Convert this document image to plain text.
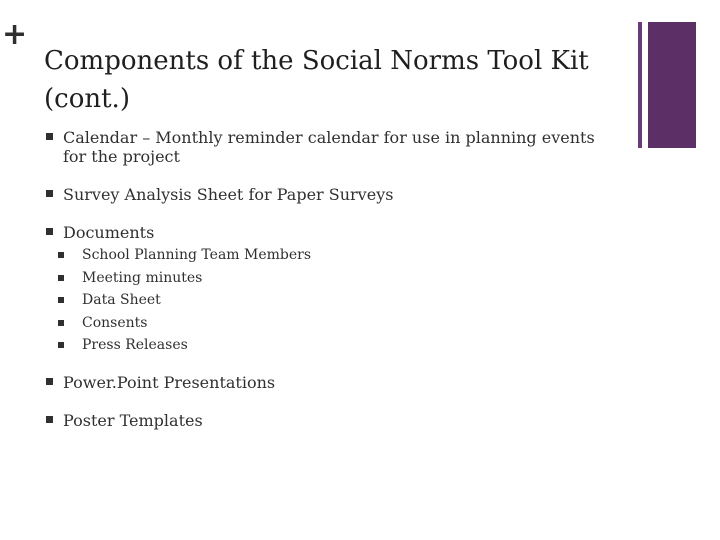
+
Components of the Social Norms Tool Kit (cont.)
Calendar – Monthly reminder calendar for use in planning events for the project
Survey Analysis Sheet for Paper Surveys
Documents
School Planning Team Members
Meeting minutes
Data Sheet
Consents
Press Releases
Power.Point Presentations
Poster Templates
